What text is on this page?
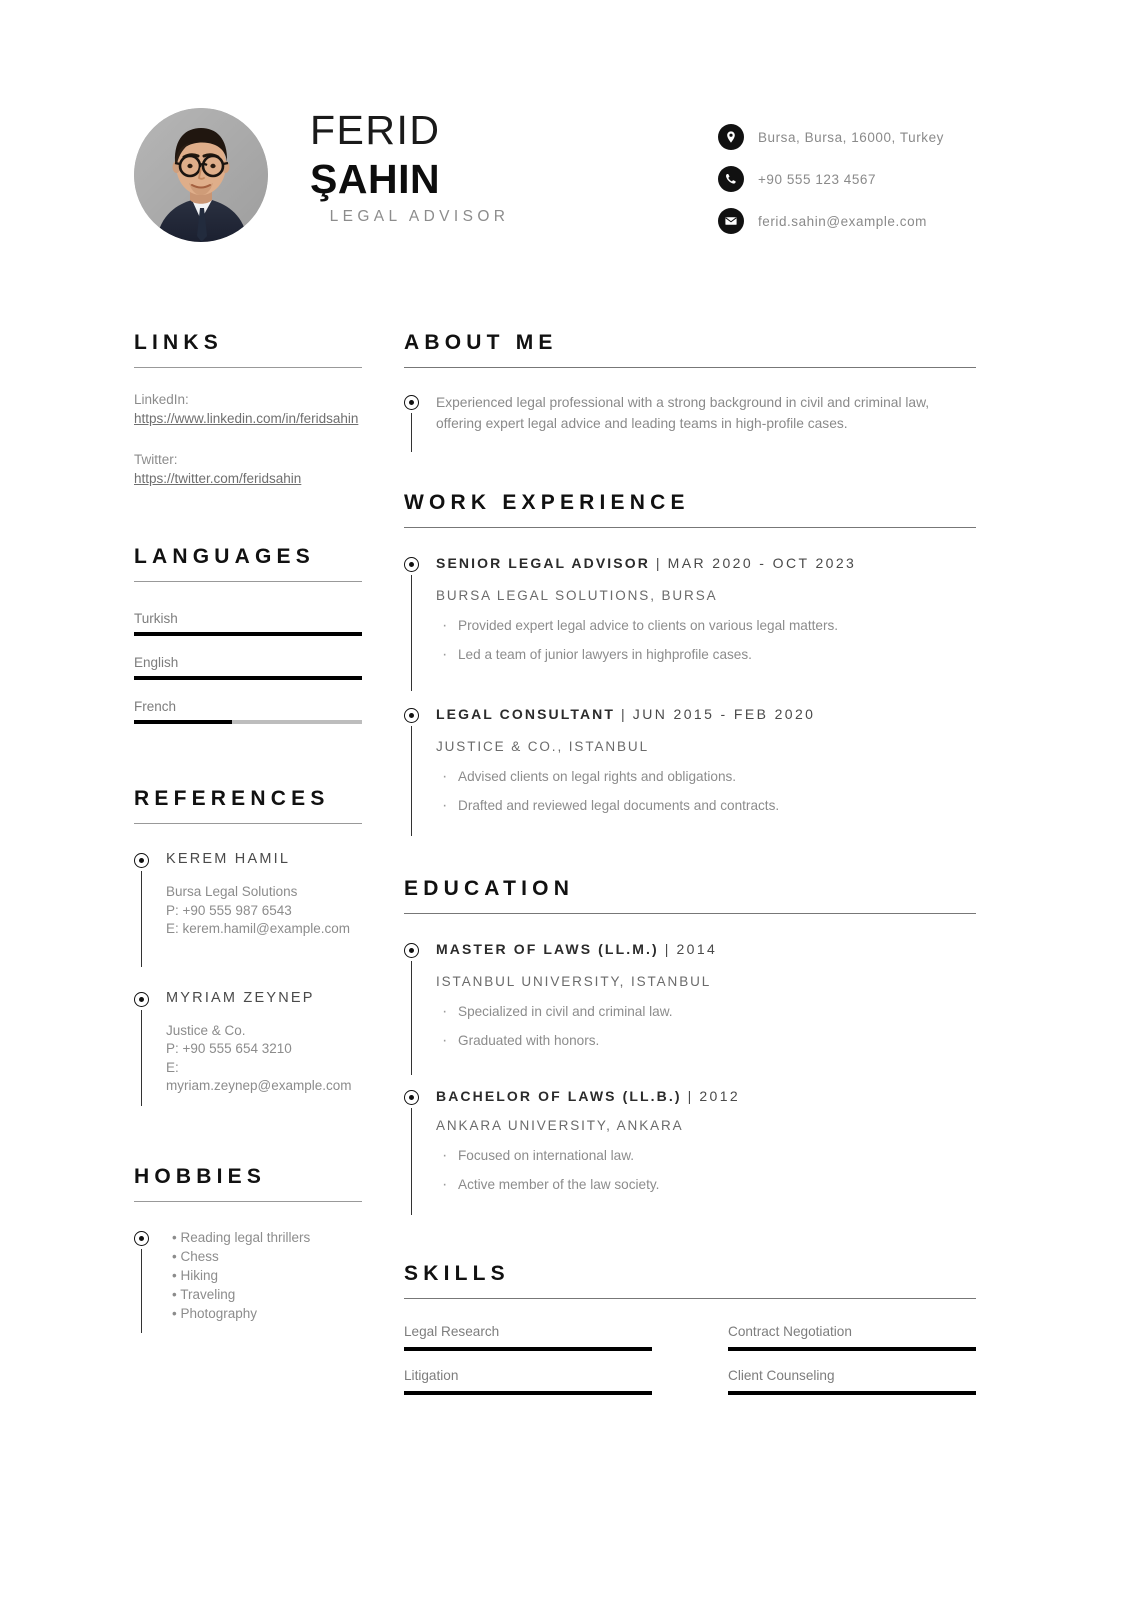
FERID
ŞAHIN
LEGAL ADVISOR
Bursa, Bursa, 16000, Turkey
+90 555 123 4567
ferid.sahin@example.com
LINKS
LinkedIn:
https://www.linkedin.com/in/feridsahin
Twitter:
https://twitter.com/feridsahin
LANGUAGES
Turkish
English
French
REFERENCES
KEREM HAMIL
Bursa Legal Solutions
P: +90 555 987 6543
E: kerem.hamil@example.com
MYRIAM ZEYNEP
Justice & Co.
P: +90 555 654 3210
E: myriam.zeynep@example.com
HOBBIES
• Reading legal thrillers
• Chess
• Hiking
• Traveling
• Photography
ABOUT ME
Experienced legal professional with a strong background in civil and criminal law, offering expert legal advice and leading teams in high-profile cases.
WORK EXPERIENCE
SENIOR LEGAL ADVISOR | MAR 2020 - OCT 2023
BURSA LEGAL SOLUTIONS, BURSA
· Provided expert legal advice to clients on various legal matters.
· Led a team of junior lawyers in highprofile cases.
LEGAL CONSULTANT | JUN 2015 - FEB 2020
JUSTICE & CO., ISTANBUL
· Advised clients on legal rights and obligations.
· Drafted and reviewed legal documents and contracts.
EDUCATION
MASTER OF LAWS (LL.M.) | 2014
ISTANBUL UNIVERSITY, ISTANBUL
· Specialized in civil and criminal law.
· Graduated with honors.
BACHELOR OF LAWS (LL.B.) | 2012
ANKARA UNIVERSITY, ANKARA
· Focused on international law.
· Active member of the law society.
SKILLS
Legal Research	Contract Negotiation
Litigation	Client Counseling
